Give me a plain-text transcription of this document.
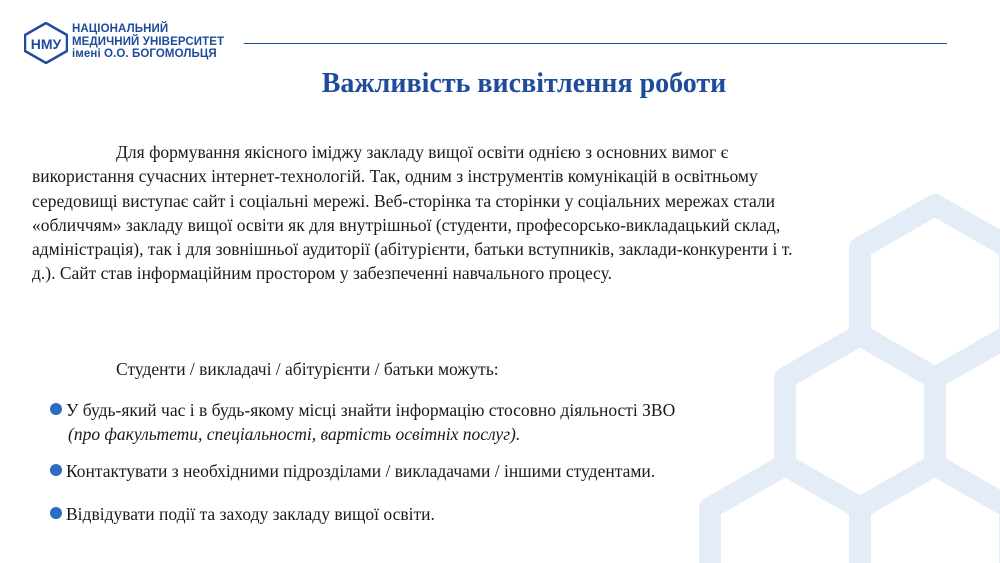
НМУ
НАЦІОНАЛЬНИЙ
МЕДИЧНИЙ УНІВЕРСИТЕТ
імені О.О. БОГОМОЛЬЦЯ
Важливість висвітлення роботи

Для формування якісного іміджу закладу вищої освіти однією з основних вимог є
використання сучасних інтернет-технологій. Так, одним з інструментів комунікацій в освітньому
середовищі виступає сайт і соціальні мережі. Веб-сторінка та сторінки у соціальних мережах стали
«обличчям» закладу вищої освіти як для внутрішньої (студенти, професорсько-викладацький склад,
адміністрація), так і для зовнішньої аудиторії (абітурієнти, батьки вступників, заклади-конкуренти і т.
д.). Сайт став інформаційним простором у забезпеченні навчального процесу.

Студенти / викладачі / абітурієнти / батьки можуть:
У будь-який час і в будь-якому місці знайти інформацію стосовно діяльності ЗВО
(про факультети, спеціальності, вартість освітніх послуг).
Контактувати з необхідними підрозділами / викладачами / іншими студентами.
Відвідувати події та заходу закладу вищої освіти.
